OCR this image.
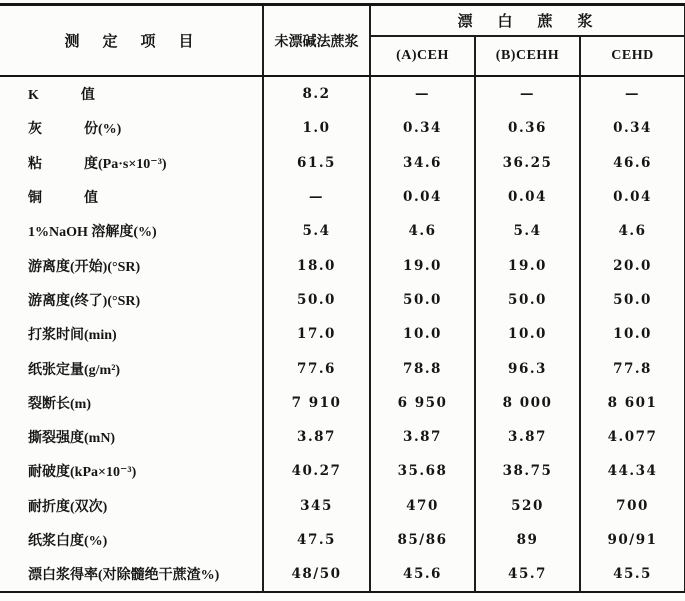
测　定　项　目	未漂碱法蔗浆	漂　白　蔗　浆		
		(A)CEH	(B)CEHH	CEHD
K　　　值	8.2	—	—	—
灰　　　份(%)	1.0	0.34	0.36	0.34
粘　　　度(Pa·s×10⁻³)	61.5	34.6	36.25	46.6
铜　　　值	—	0.04	0.04	0.04
1%NaOH 溶解度(%)	5.4	4.6	5.4	4.6
游离度(开始)(°SR)	18.0	19.0	19.0	20.0
游离度(终了)(°SR)	50.0	50.0	50.0	50.0
打浆时间(min)	17.0	10.0	10.0	10.0
纸张定量(g/m²)	77.6	78.8	96.3	77.8
裂断长(m)	7 910	6 950	8 000	8 601
撕裂强度(mN)	3.87	3.87	3.87	4.077
耐破度(kPa×10⁻³)	40.27	35.68	38.75	44.34
耐折度(双次)	345	470	520	700
纸浆白度(%)	47.5	85/86	89	90/91
漂白浆得率(对除髓绝干蔗渣%)	48/50	45.6	45.7	45.5
